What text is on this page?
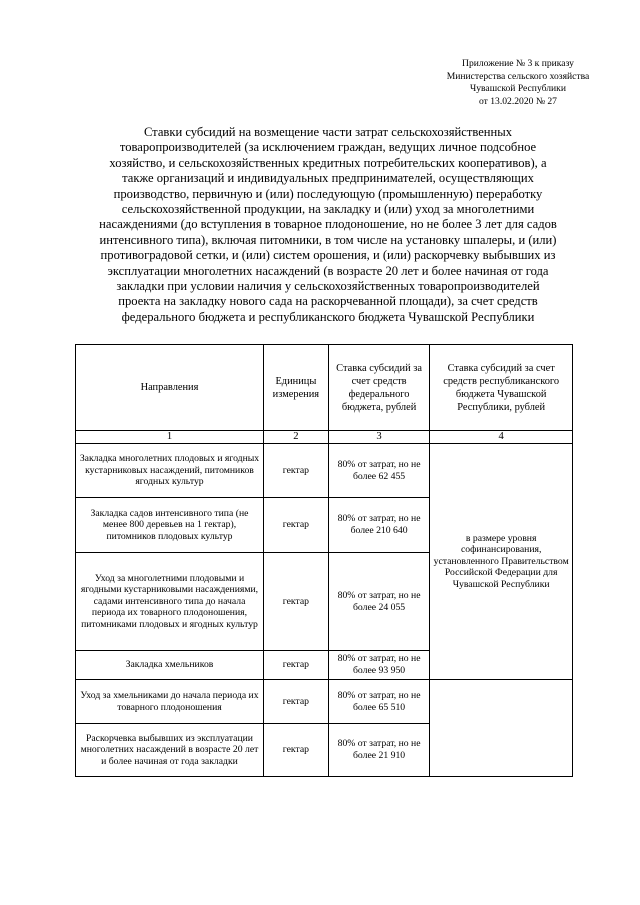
Приложение № 3 к приказу
Министерства сельского хозяйства
Чувашской Республики
от 13.02.2020 № 27
Ставки субсидий на возмещение части затрат сельскохозяйственных
товаропроизводителей (за исключением граждан, ведущих личное подсобное
хозяйство, и сельскохозяйственных кредитных потребительских кооперативов), а
также организаций и индивидуальных предпринимателей, осуществляющих
производство, первичную и (или) последующую (промышленную) переработку
сельскохозяйственной продукции, на закладку и (или) уход за многолетними
насаждениями (до вступления в товарное плодоношение, но не более 3 лет для садов
интенсивного типа), включая питомники, в том числе на установку шпалеры, и (или)
противоградовой сетки, и (или) систем орошения, и (или) раскорчевку выбывших из
эксплуатации многолетних насаждений (в возрасте 20 лет и более начиная от года
закладки при условии наличия у сельскохозяйственных товаропроизводителей
проекта на закладку нового сада на раскорчеванной площади), за счет средств
федерального бюджета и республиканского бюджета Чувашской Республики
Направления	Единицы измерения	Ставка субсидий за счет средств федерального бюджета, рублей	Ставка субсидий за счет средств республиканского бюджета Чувашской Республики, рублей
1	2	3	4
Закладка многолетних плодовых и ягодных кустарниковых насаждений, питомников ягодных культур	гектар	80% от затрат, но не более 62 455	в размере уровня софинансирования, установленного Правительством Российской Федерации для Чувашской Республики
Закладка садов интенсивного типа (не менее 800 деревьев на 1 гектар), питомников плодовых культур	гектар	80% от затрат, но не более 210 640	
Уход за многолетними плодовыми и ягодными кустарниковыми насаждениями, садами интенсивного типа до начала периода их товарного плодоношения, питомниками плодовых и ягодных культур	гектар	80% от затрат, но не более 24 055	
Закладка хмельников	гектар	80% от затрат, но не более 93 950	
Уход за хмельниками до начала периода их товарного плодоношения	гектар	80% от затрат, но не более 65 510	
Раскорчевка выбывших из эксплуатации многолетних насаждений в возрасте 20 лет и более начиная от года закладки	гектар	80% от затрат, но не более 21 910	
